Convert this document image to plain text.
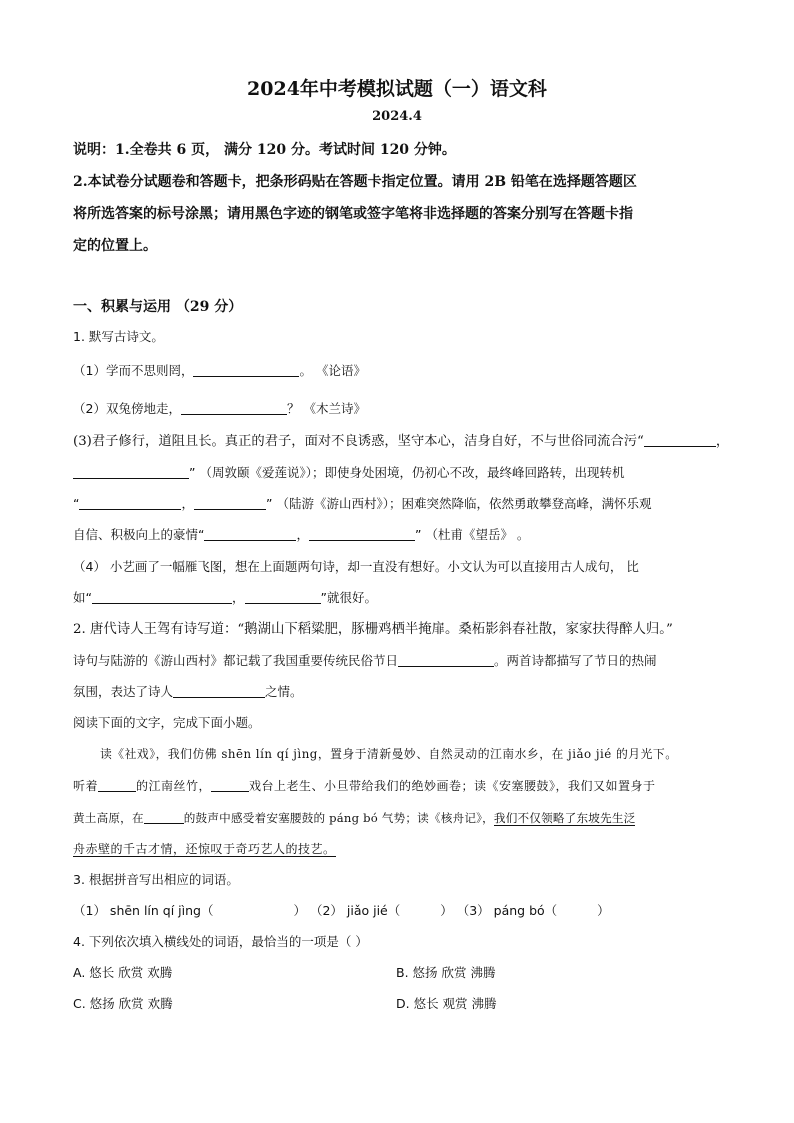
2024年中考模拟试题（一）语文科
2024.4
说明：1.全卷共 6 页， 满分 120 分。考试时间 120 分钟。
2.本试卷分试题卷和答题卡，把条形码贴在答题卡指定位置。请用 2B 铅笔在选择题答题区
将所选答案的标号涂黑；请用黑色字迹的钢笔或签字笔将非选择题的答案分别写在答题卡指
定的位置上。
一、积累与运用 （29 分）
1. 默写古诗文。
（1）学而不思则罔，	。 《论语》
（2）双兔傍地走，	？ 《木兰诗》
(3)君子修行，道阻且长。真正的君子，面对不良诱惑，坚守本心，洁身自好，不与世俗同流合污“	，
” （周敦颐《爱莲说》）；即使身处困境，仍初心不改，最终峰回路转，出现转机
“	，	” （陆游《游山西村》）；困难突然降临，依然勇敢攀登高峰，满怀乐观
自信、积极向上的豪情“	，	” （杜甫《望岳》 。
（4） 小艺画了一幅雁飞图，想在上面题两句诗，却一直没有想好。小文认为可以直接用古人成句， 比
如“	，	”就很好。
2. 唐代诗人王驾有诗写道：“鹅湖山下稻粱肥，豚栅鸡栖半掩扉。桑柘影斜春社散，家家扶得醉人归。”
诗句与陆游的《游山西村》都记载了我国重要传统民俗节日	。两首诗都描写了节日的热闹
氛围，表达了诗人	之情。
阅读下面的文字，完成下面小题。
读《社戏》，我们仿佛 shēn lín qí jìng，置身于清新曼妙、自然灵动的江南水乡，在 jiǎo jié 的月光下。
听着	的江南丝竹，	戏台上老生、小旦带给我们的绝妙画卷；读《安塞腰鼓》，我们又如置身于
黄土高原，在	的鼓声中感受着安塞腰鼓的 páng bó 气势；读《核舟记》，我们不仅领略了东坡先生泛
舟赤壁的千古才情，还惊叹于奇巧艺人的技艺。
3. 根据拼音写出相应的词语。
（1） shēn lín qí jìng（	） （2） jiǎo jié（	） （3） páng bó（	）
4. 下列依次填入横线处的词语，最恰当的一项是（ ）
A. 悠长 欣赏 欢腾	B. 悠扬 欣赏 沸腾
C. 悠扬 欣赏 欢腾	D. 悠长 观赏 沸腾
